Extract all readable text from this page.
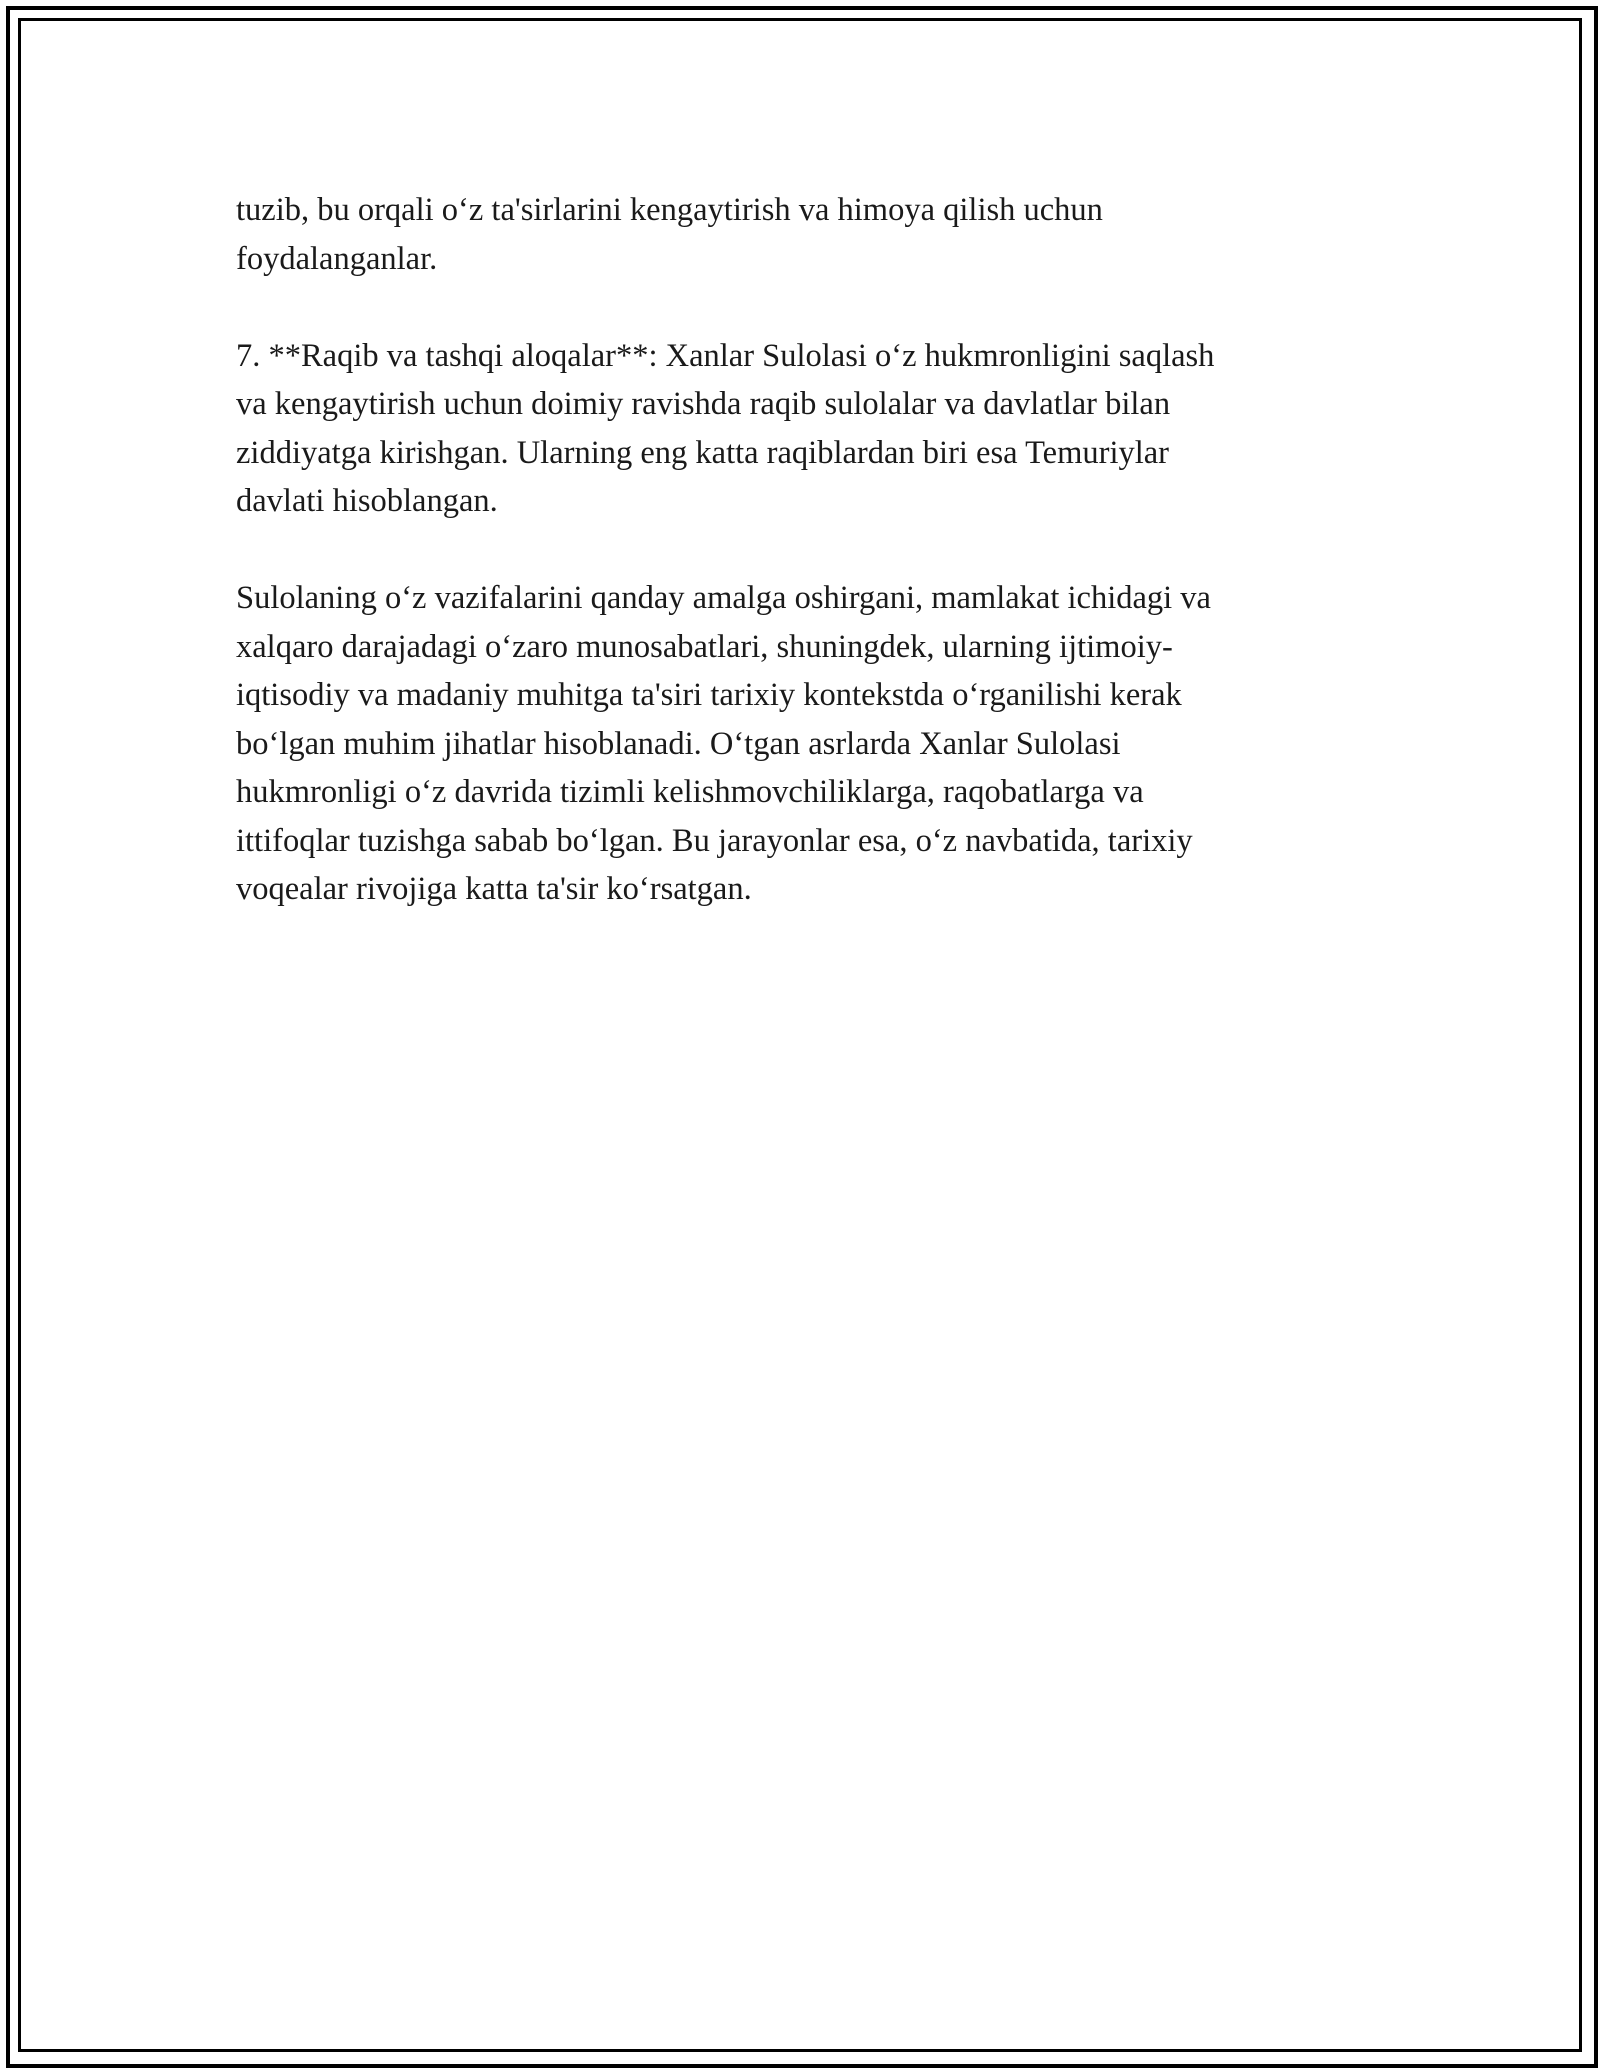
tuzib, bu orqali o‘z ta'sirlarini kengaytirish va himoya qilish uchun
foydalanganlar.

7. **Raqib va tashqi aloqalar**: Xanlar Sulolasi o‘z hukmronligini saqlash
va kengaytirish uchun doimiy ravishda raqib sulolalar va davlatlar bilan
ziddiyatga kirishgan. Ularning eng katta raqiblardan biri esa Temuriylar
davlati hisoblangan.

Sulolaning o‘z vazifalarini qanday amalga oshirgani, mamlakat ichidagi va
xalqaro darajadagi o‘zaro munosabatlari, shuningdek, ularning ijtimoiy-
iqtisodiy va madaniy muhitga ta'siri tarixiy kontekstda o‘rganilishi kerak
bo‘lgan muhim jihatlar hisoblanadi. O‘tgan asrlarda Xanlar Sulolasi
hukmronligi o‘z davrida tizimli kelishmovchiliklarga, raqobatlarga va
ittifoqlar tuzishga sabab bo‘lgan. Bu jarayonlar esa, o‘z navbatida, tarixiy
voqealar rivojiga katta ta'sir ko‘rsatgan.
